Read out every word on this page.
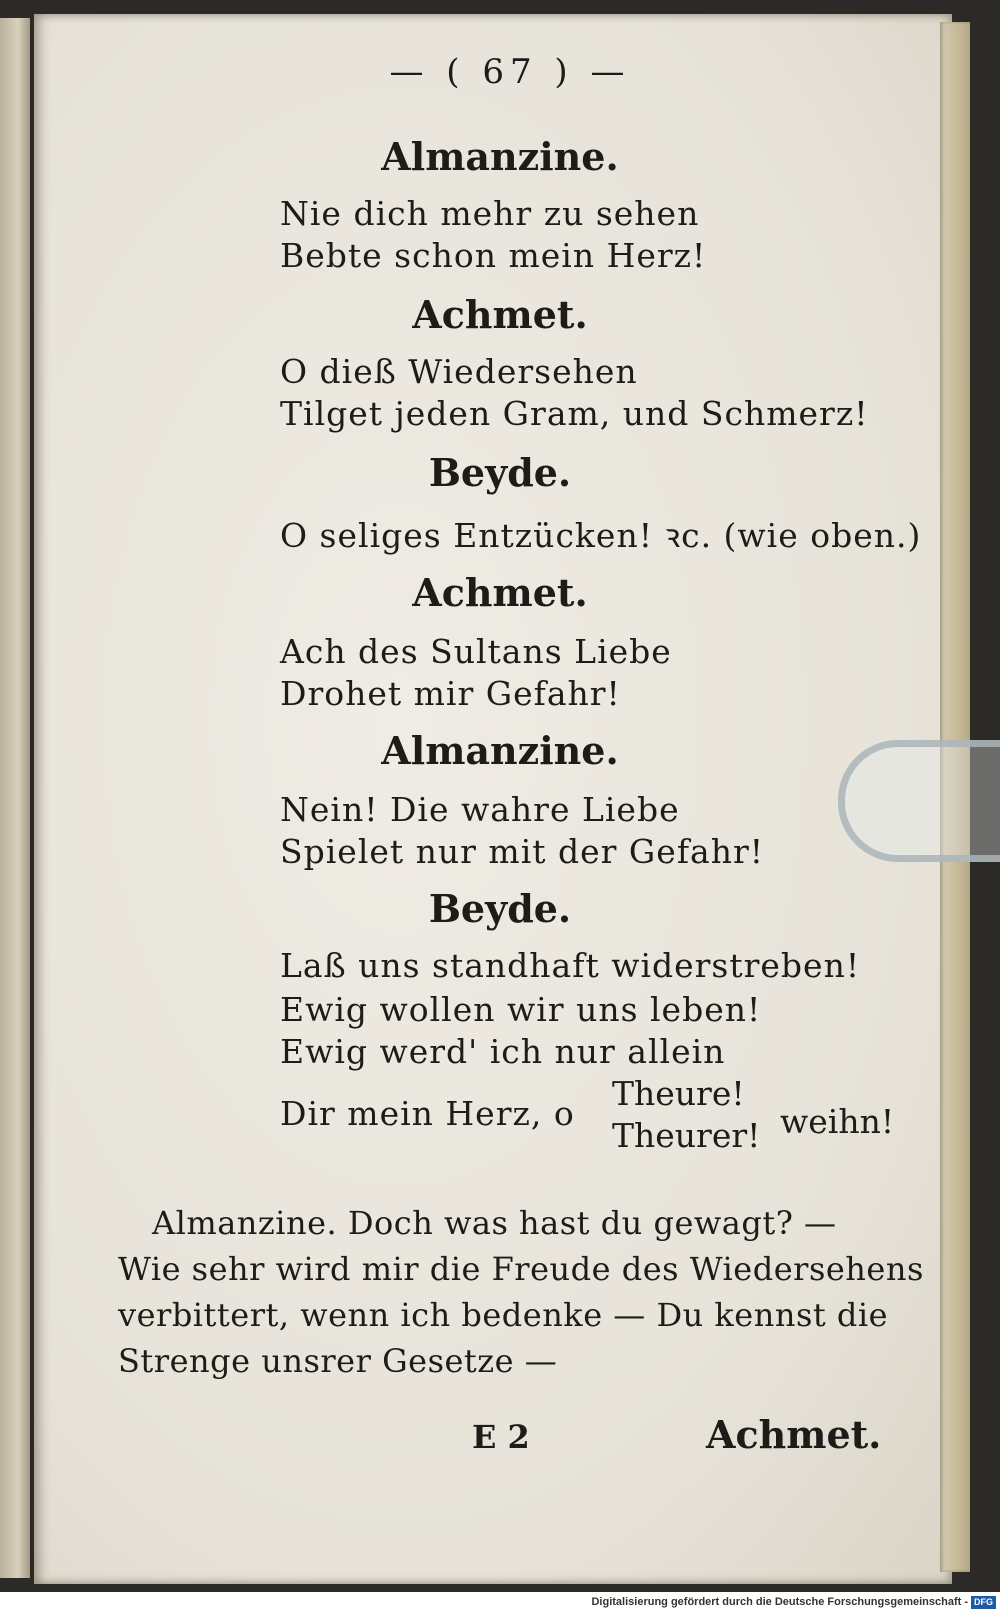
— ( 67 ) —
Almanzine.
Nie dich mehr zu sehen
Bebte schon mein Herz!
Achmet.
O dieß Wiedersehen
Tilget jeden Gram, und Schmerz!
Beyde.
O seliges Entzücken! ꝛc. (wie oben.)
Achmet.
Ach des Sultans Liebe
Drohet mir Gefahr!
Almanzine.
Nein! Die wahre Liebe
Spielet nur mit der Gefahr!
Beyde.
Laß uns standhaft widerstreben!
Ewig wollen wir uns leben!
Ewig werd' ich nur allein
Dir mein Herz, o
Theure!
Theurer! weihn!
Almanzine. Doch was hast du gewagt? —
Wie sehr wird mir die Freude des Wiedersehens
verbittert, wenn ich bedenke — Du kennst die
Strenge unsrer Gesetze —
E 2	Achmet.
Digitalisierung gefördert durch die Deutsche Forschungsgemeinschaft - DFG
